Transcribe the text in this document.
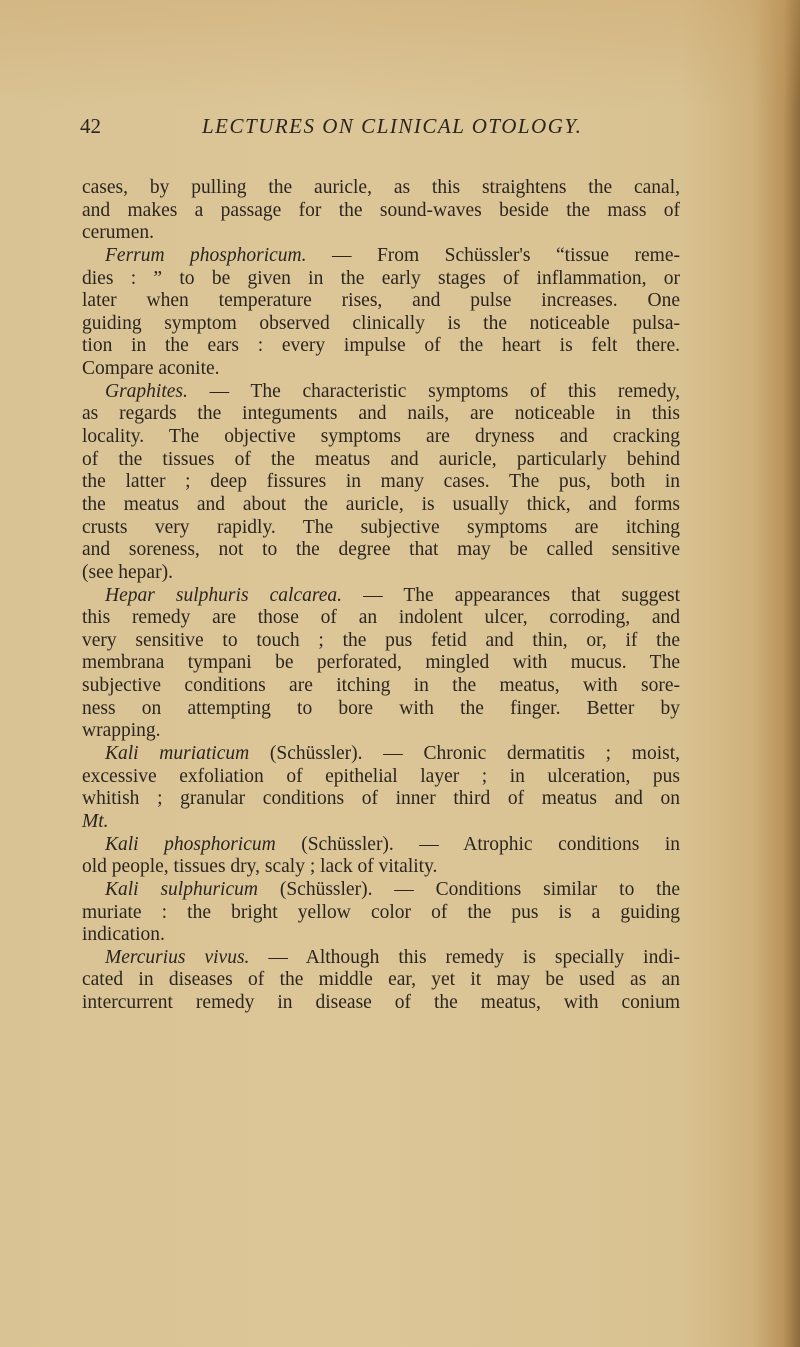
42	LECTURES ON CLINICAL OTOLOGY.
cases, by pulling the auricle, as this straightens the canal,
and makes a passage for the sound-waves beside the mass of
cerumen.
Ferrum phosphoricum. — From Schüssler's “tissue reme-
dies : ” to be given in the early stages of inflammation, or
later when temperature rises, and pulse increases. One
guiding symptom observed clinically is the noticeable pulsa-
tion in the ears : every impulse of the heart is felt there.
Compare aconite.
Graphites. — The characteristic symptoms of this remedy,
as regards the integuments and nails, are noticeable in this
locality. The objective symptoms are dryness and cracking
of the tissues of the meatus and auricle, particularly behind
the latter ; deep fissures in many cases. The pus, both in
the meatus and about the auricle, is usually thick, and forms
crusts very rapidly. The subjective symptoms are itching
and soreness, not to the degree that may be called sensitive
(see hepar).
Hepar sulphuris calcarea. — The appearances that suggest
this remedy are those of an indolent ulcer, corroding, and
very sensitive to touch ; the pus fetid and thin, or, if the
membrana tympani be perforated, mingled with mucus. The
subjective conditions are itching in the meatus, with sore-
ness on attempting to bore with the finger. Better by
wrapping.
Kali muriaticum (Schüssler). — Chronic dermatitis ; moist,
excessive exfoliation of epithelial layer ; in ulceration, pus
whitish ; granular conditions of inner third of meatus and on
Mt.
Kali phosphoricum (Schüssler). — Atrophic conditions in
old people, tissues dry, scaly ; lack of vitality.
Kali sulphuricum (Schüssler). — Conditions similar to the
muriate : the bright yellow color of the pus is a guiding
indication.
Mercurius vivus. — Although this remedy is specially indi-
cated in diseases of the middle ear, yet it may be used as an
intercurrent remedy in disease of the meatus, with conium
